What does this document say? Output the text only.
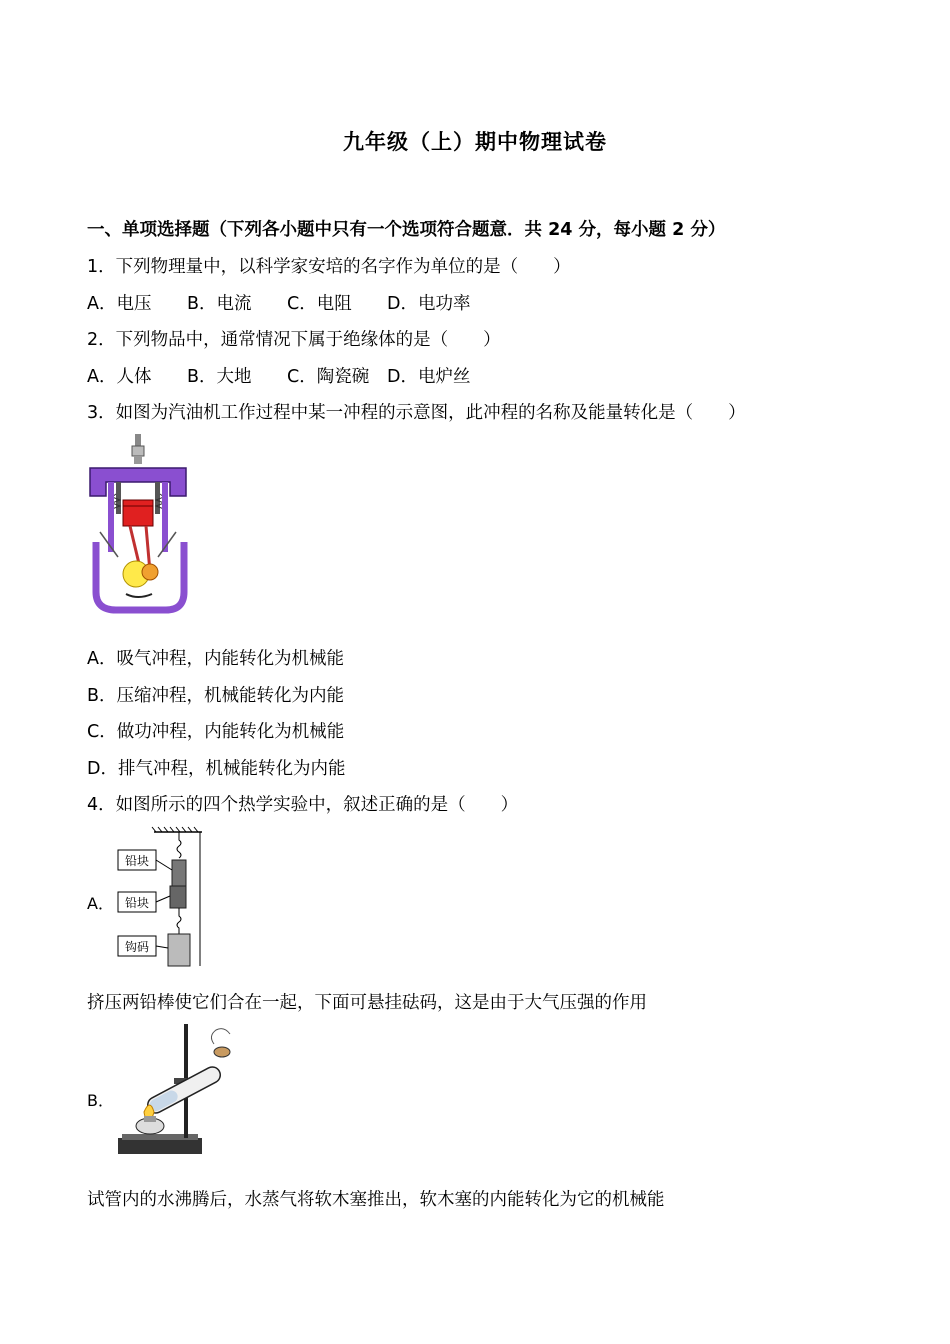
九年级（上）期中物理试卷
一、单项选择题（下列各小题中只有一个选项符合题意．共 24 分，每小题 2 分）
1．下列物理量中，以科学家安培的名字作为单位的是（　　）
A．电压 B．电流 C．电阻 D．电功率
2．下列物品中，通常情况下属于绝缘体的是（　　）
A．人体 B．大地 C．陶瓷碗 D．电炉丝
3．如图为汽油机工作过程中某一冲程的示意图，此冲程的名称及能量转化是（　　）
A．吸气冲程，内能转化为机械能
B．压缩冲程，机械能转化为内能
C．做功冲程，内能转化为机械能
D．排气冲程，机械能转化为内能
4．如图所示的四个热学实验中，叙述正确的是（　　）
A．
铅块
铅块
钩码
挤压两铅棒使它们合在一起，下面可悬挂砝码，这是由于大气压强的作用
B．
试管内的水沸腾后，水蒸气将软木塞推出，软木塞的内能转化为它的机械能
